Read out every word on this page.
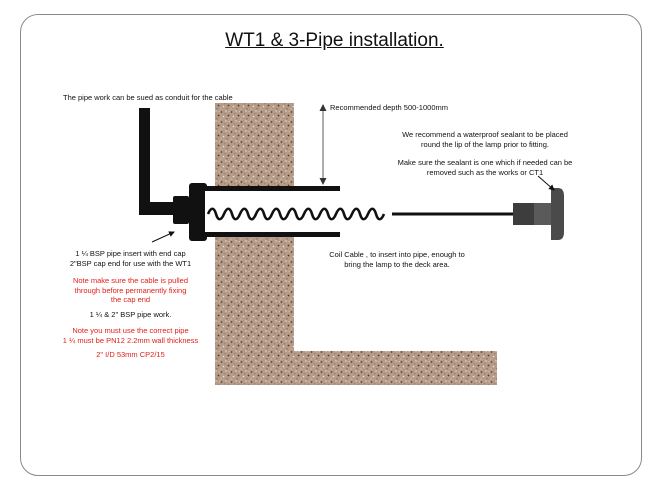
WT1 & 3-Pipe installation.
The pipe work can be sued as conduit for the cable
Recommended depth 500-1000mm
We recommend a waterproof sealant to be placed
round the lip of the lamp prior to fitting.
Make sure the sealant is one which if needed can be
removed such as the works or CT1
1 ¼ BSP pipe insert with end cap
2"BSP cap end for use with the WT1
Note make sure the cable is pulled
through before permanently fixing
the cap end
1 ¼ & 2" BSP pipe work.
Note you must use the correct pipe
1 ¼ must be PN12 2.2mm wall thickness
2" I/D 53mm CP2/15
Coil Cable , to insert into pipe, enough to
bring the lamp to the deck area.
